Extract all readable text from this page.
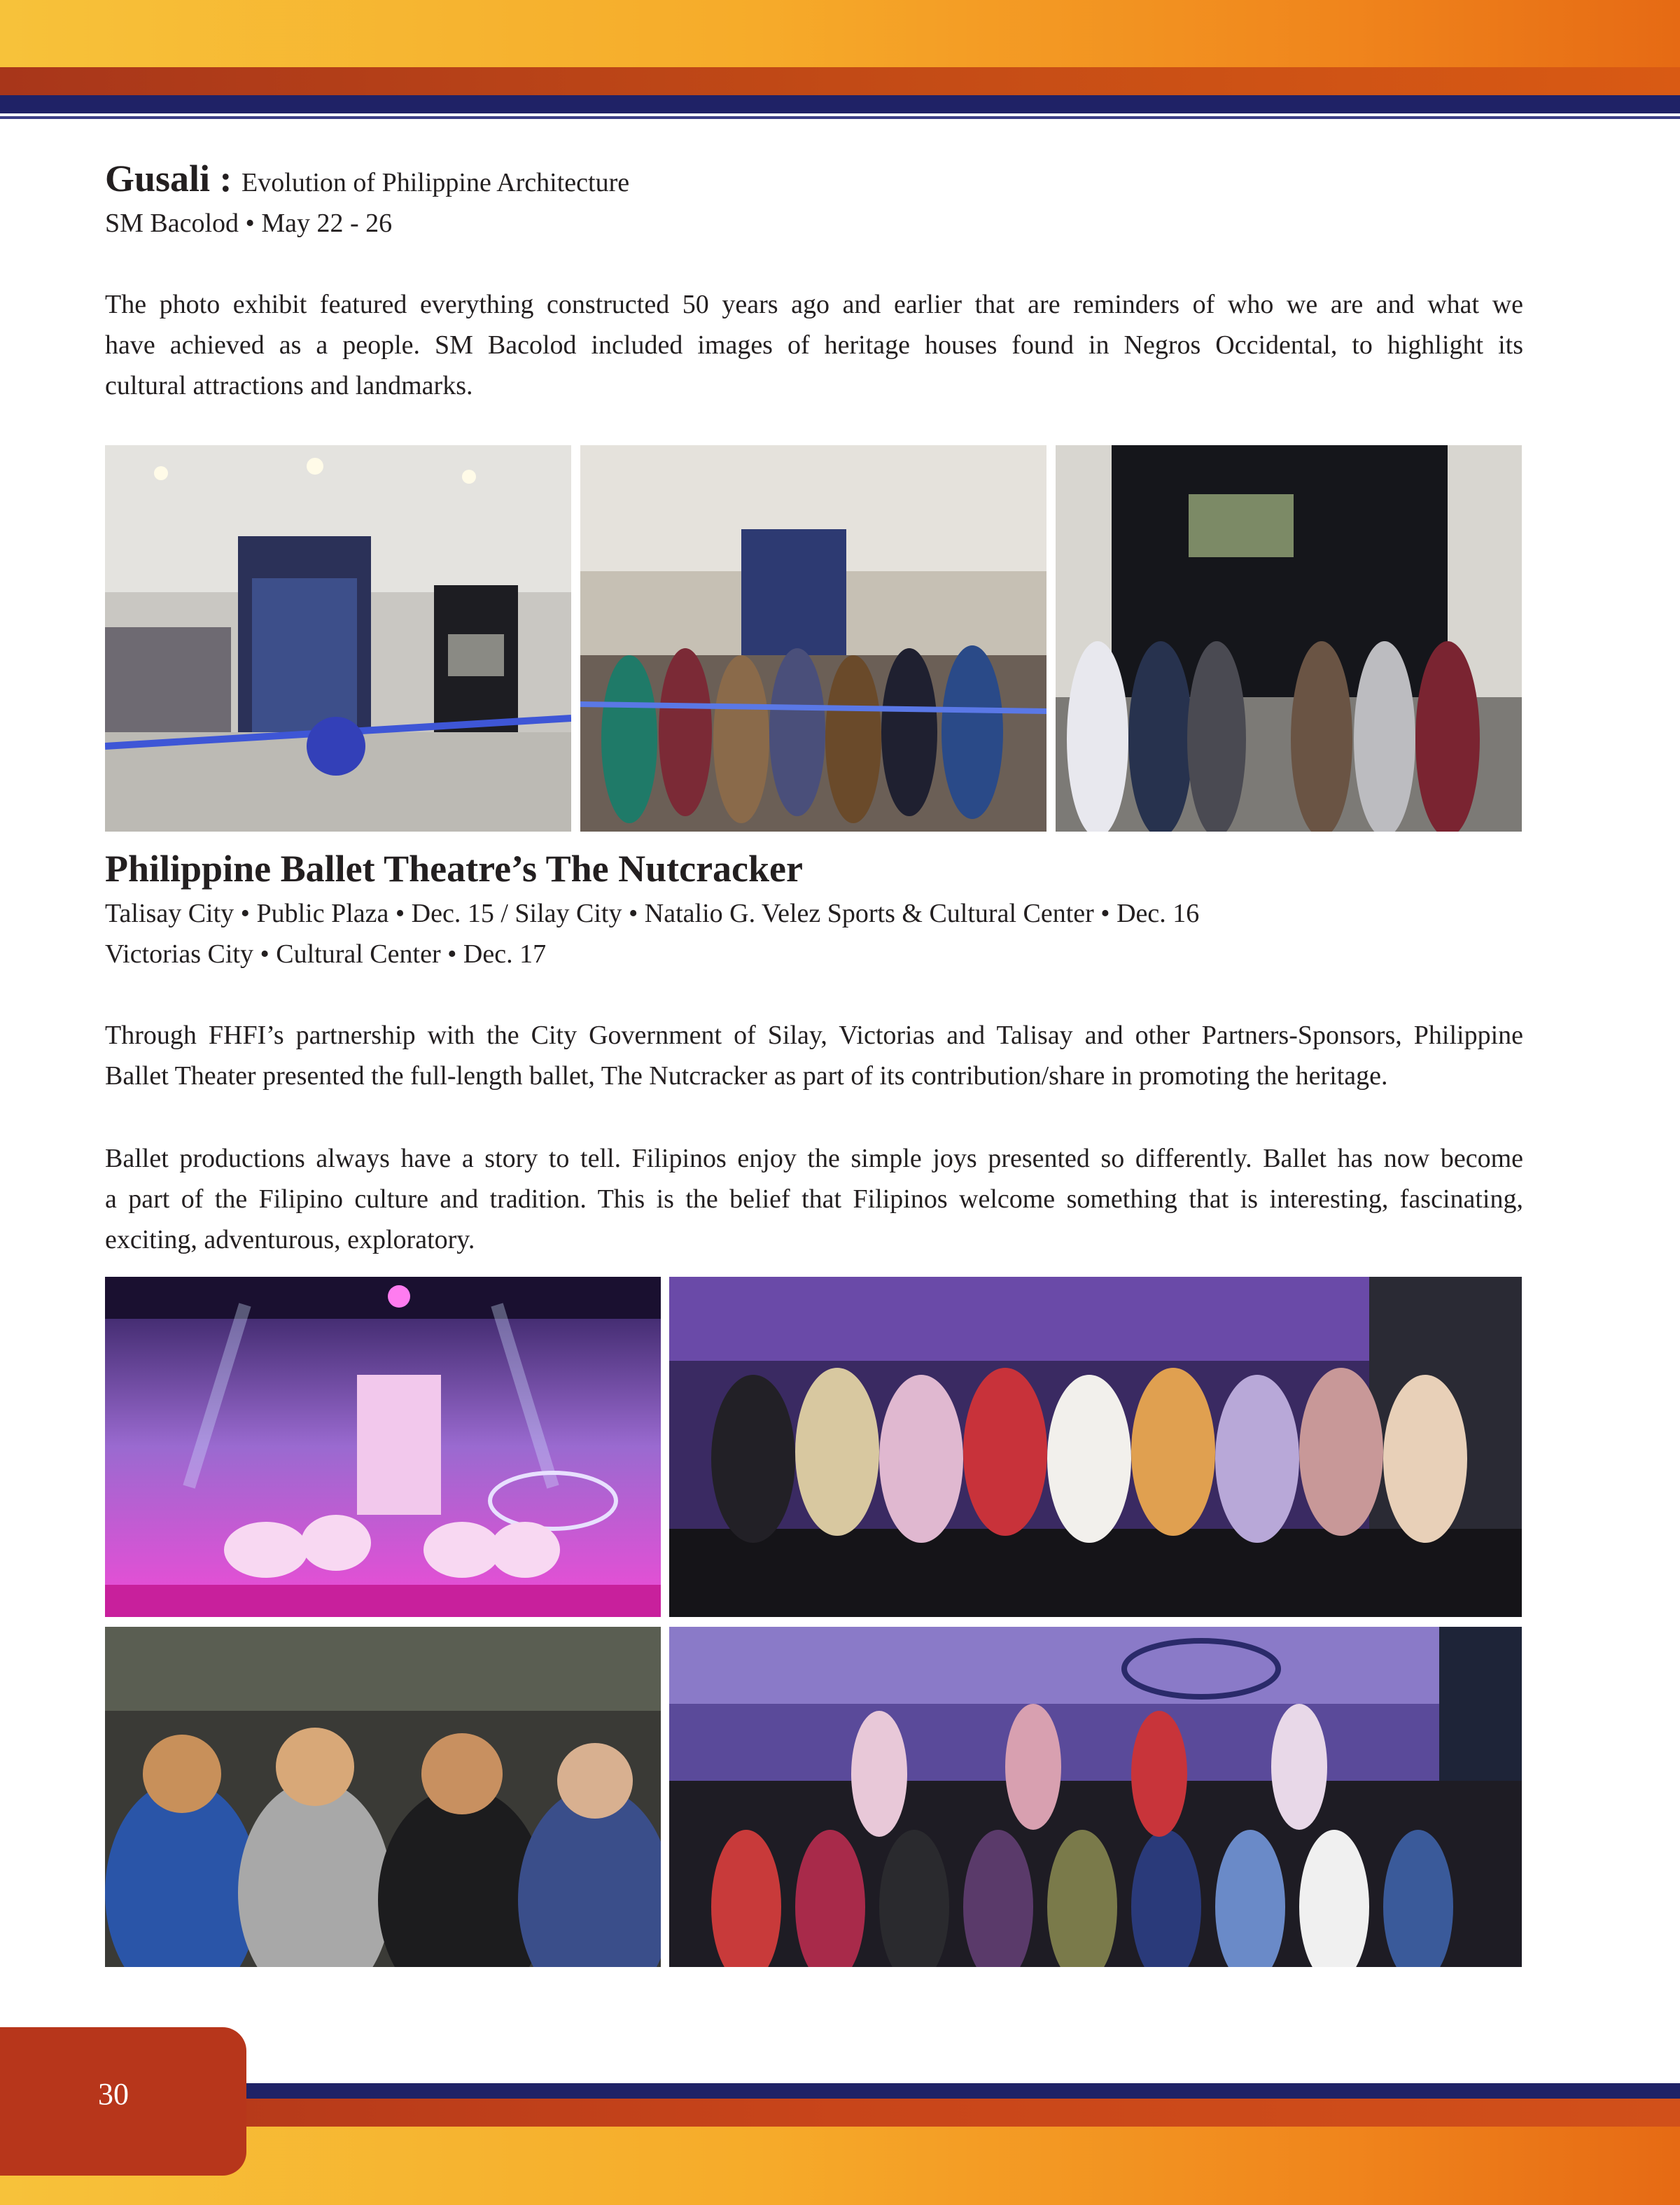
Gusali : Evolution of Philippine Architecture
SM Bacolod • May 22 - 26
The photo exhibit featured everything constructed 50 years ago and earlier that are reminders of who we are and what we
have achieved as a people. SM Bacolod included images of heritage houses found in Negros Occidental, to highlight its
cultural attractions and landmarks.
Philippine Ballet Theatre’s The Nutcracker
Talisay City • Public Plaza • Dec. 15 / Silay City • Natalio G. Velez Sports & Cultural Center • Dec. 16
Victorias City • Cultural Center • Dec. 17
Through FHFI’s partnership with the City Government of Silay, Victorias and Talisay and other Partners-Sponsors, Philippine
Ballet Theater presented the full-length ballet, The Nutcracker as part of its contribution/share in promoting the heritage.
Ballet productions always have a story to tell. Filipinos enjoy the simple joys presented so differently. Ballet has now become
a part of the Filipino culture and tradition. This is the belief that Filipinos welcome something that is interesting, fascinating,
exciting, adventurous, exploratory.
30
